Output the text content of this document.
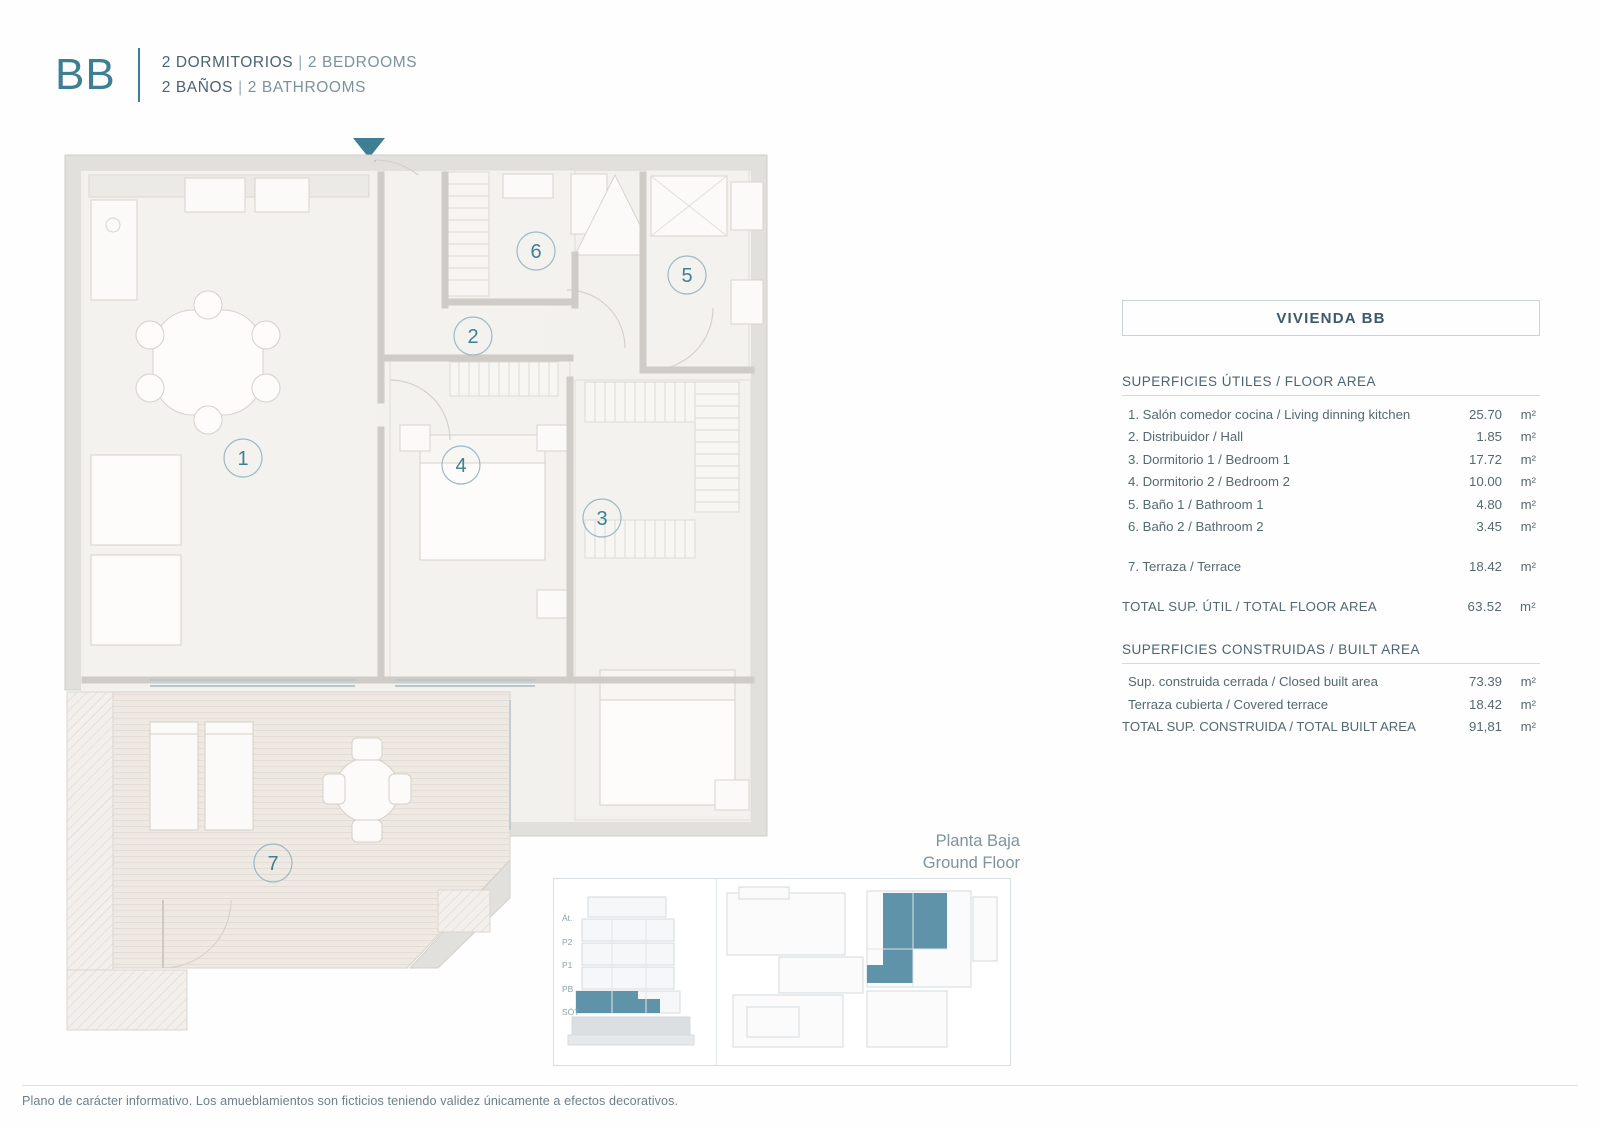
BB	2 DORMITORIOS | 2 BEDROOMS
2 BAÑOS | 2 BATHROOMS
1
2
3
4
5
6
7
VIVIENDA BB
SUPERFICIES ÚTILES / FLOOR AREA
1. Salón comedor cocina / Living dinning kitchen	25.70	m²
2. Distribuidor / Hall	1.85	m²
3. Dormitorio 1 / Bedroom 1	17.72	m²
4. Dormitorio 2 / Bedroom 2	10.00	m²
5. Baño 1 / Bathroom 1	4.80	m²
6. Baño 2 / Bathroom 2	3.45	m²
7. Terraza / Terrace	18.42	m²
TOTAL SUP. ÚTIL / TOTAL FLOOR AREA	63.52	m²
SUPERFICIES CONSTRUIDAS / BUILT AREA
Sup. construida cerrada / Closed built area	73.39	m²
Terraza cubierta / Covered terrace	18.42	m²
TOTAL SUP. CONSTRUIDA / TOTAL BUILT AREA	91,81	m²
Planta Baja
Ground Floor
Át.
P2
P1
PB
SÓT
Plano de carácter informativo. Los amueblamientos son ficticios teniendo validez únicamente a efectos decorativos.
